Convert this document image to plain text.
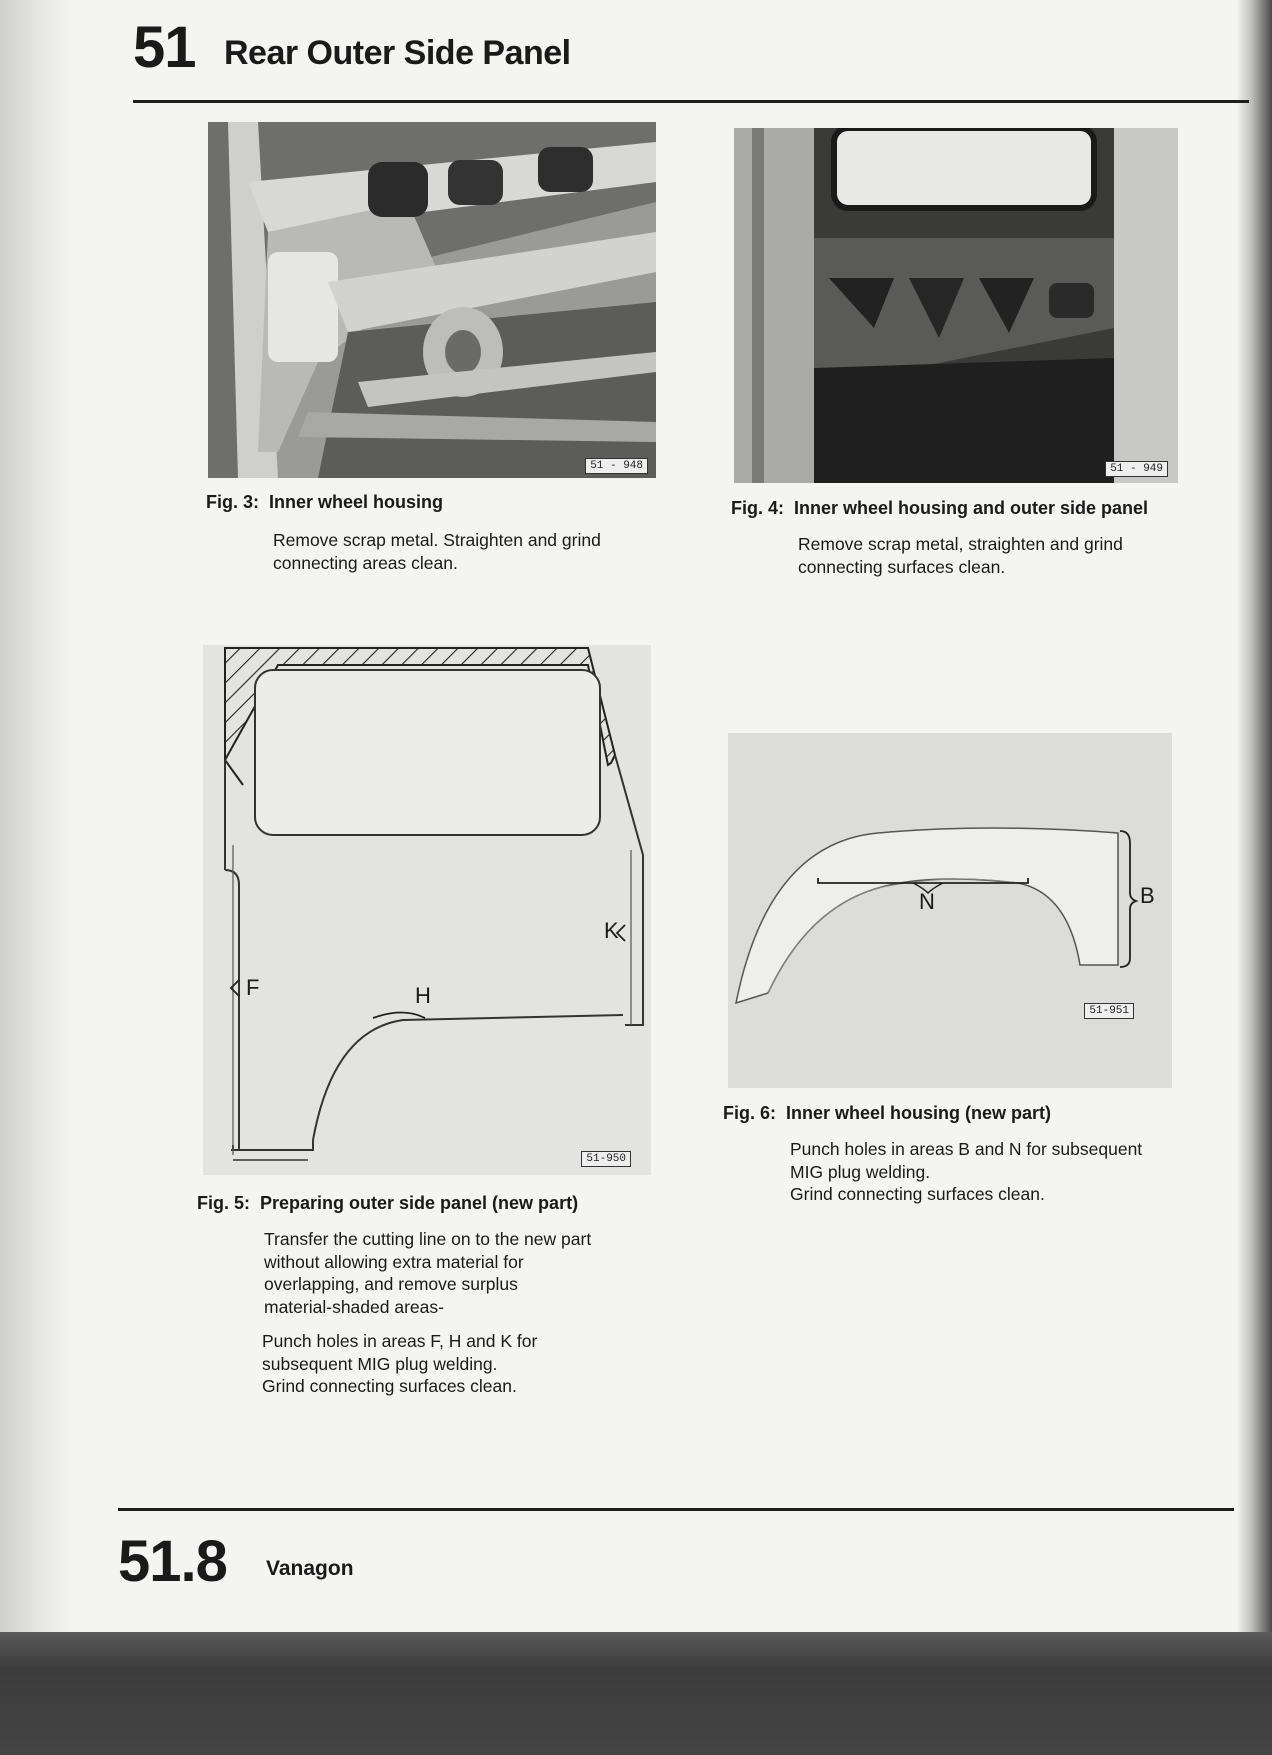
51 Rear Outer Side Panel
51 - 948	51 - 949
Fig. 3: Inner wheel housing
Remove scrap metal. Straighten and grind
connecting areas clean.
Fig. 4: Inner wheel housing and outer side panel
Remove scrap metal, straighten and grind
connecting surfaces clean.
F	H
K
51-950
Fig. 5: Preparing outer side panel (new part)
Transfer the cutting line on to the new part
without allowing extra material for
overlapping, and remove surplus
material-shaded areas-
Punch holes in areas F, H and K for
subsequent MIG plug welding.
Grind connecting surfaces clean.
N	B
51-951
Fig. 6: Inner wheel housing (new part)
Punch holes in areas B and N for subsequent
MIG plug welding.
Grind connecting surfaces clean.
51.8 Vanagon
